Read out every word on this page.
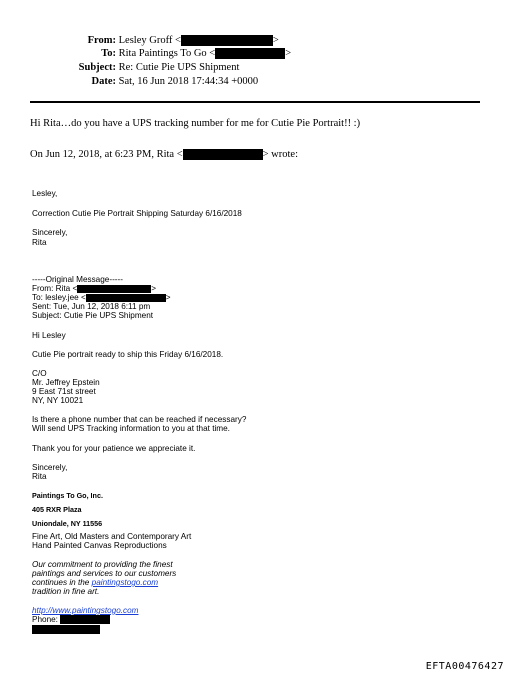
From: Lesley Groff <	>
To: Rita Paintings To Go <	>
Subject: Re: Cutie Pie UPS Shipment
Date: Sat, 16 Jun 2018 17:44:34 +0000
Hi Rita…do you have a UPS tracking number for me for Cutie Pie Portrait!! :)
On Jun 12, 2018, at 6:23 PM, Rita <	> wrote:
Lesley,
Correction Cutie Pie Portrait Shipping Saturday 6/16/2018
Sincerely,
Rita
-----Original Message-----
From: Rita <	>
To: lesley.jee <	>
Sent: Tue, Jun 12, 2018 6:11 pm
Subject: Cutie Pie UPS Shipment
Hi Lesley
Cutie Pie portrait ready to ship this Friday 6/16/2018.
C/O
Mr. Jeffrey Epstein
9 East 71st street
NY, NY 10021
Is there a phone number that can be reached if necessary?
Will send UPS Tracking information to you at that time.
Thank you for your patience we appreciate it.
Sincerely,
Rita
Paintings To Go, Inc.
405 RXR Plaza
Uniondale, NY 11556
Fine Art, Old Masters and Contemporary Art
Hand Painted Canvas Reproductions
Our commitment to providing the finest
paintings and services to our customers
continues in the paintingstogo.com
tradition in fine art.
http://www.paintingstogo.com
Phone:
EFTA00476427
